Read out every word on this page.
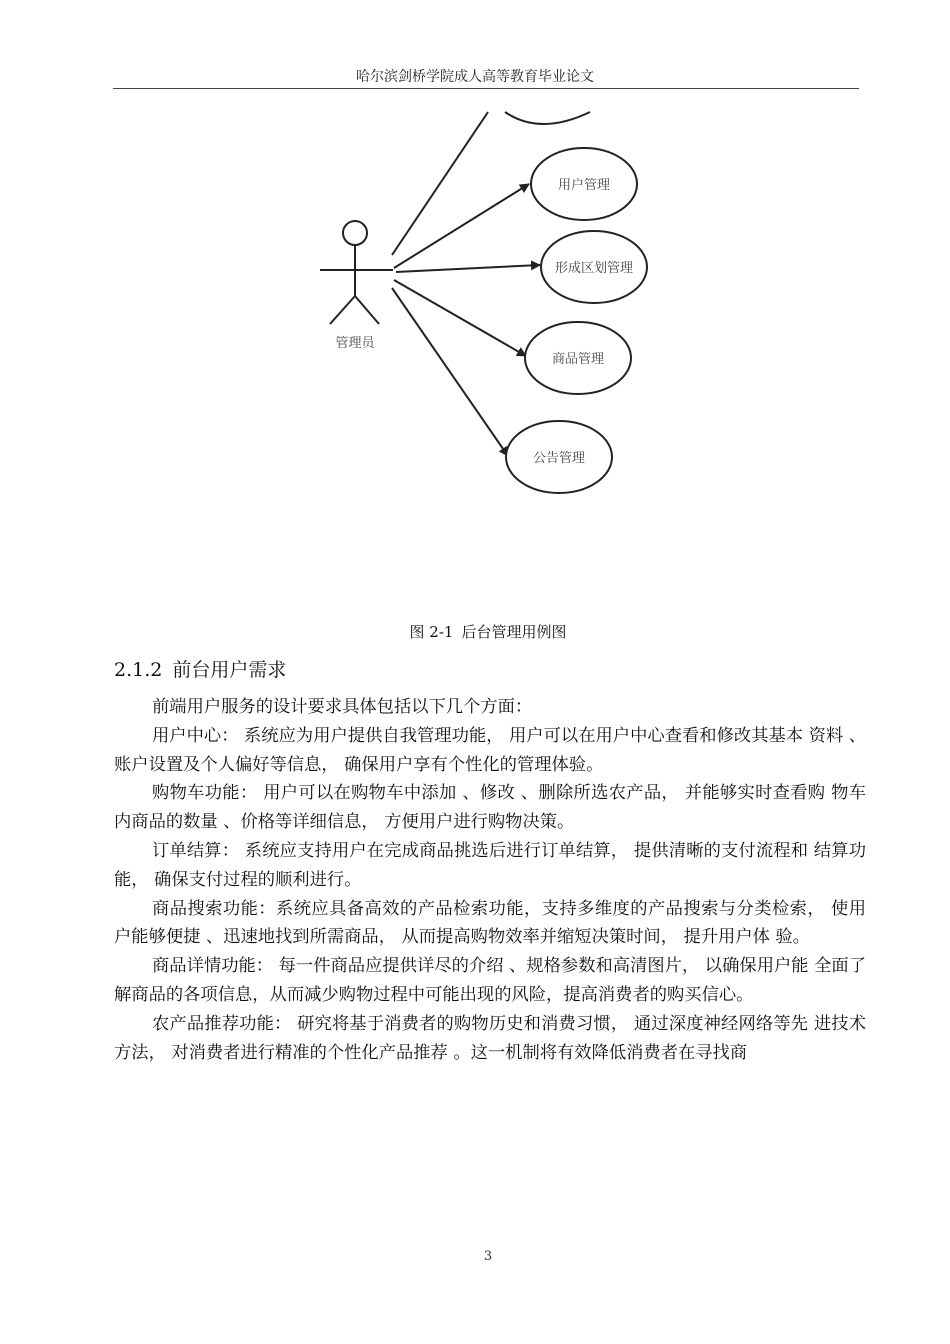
哈尔滨剑桥学院成人高等教育毕业论文
管理员
用户管理
形成区划管理
商品管理
公告管理
图 2-1 后台管理用例图
2.1.2 前台用户需求

前端用户服务的设计要求具体包括以下几个方面：

用户中心： 系统应为用户提供自我管理功能， 用户可以在用户中心查看和修改其基本 资料 、账户设置及个人偏好等信息， 确保用户享有个性化的管理体验。

购物车功能： 用户可以在购物车中添加 、修改 、删除所选农产品， 并能够实时查看购 物车内商品的数量 、价格等详细信息， 方便用户进行购物决策。

订单结算： 系统应支持用户在完成商品挑选后进行订单结算， 提供清晰的支付流程和 结算功能， 确保支付过程的顺利进行。

商品搜索功能：系统应具备高效的产品检索功能，支持多维度的产品搜索与分类检索， 使用户能够便捷 、迅速地找到所需商品， 从而提高购物效率并缩短决策时间， 提升用户体 验。

商品详情功能： 每一件商品应提供详尽的介绍 、规格参数和高清图片， 以确保用户能 全面了解商品的各项信息，从而减少购物过程中可能出现的风险，提高消费者的购买信心。

农产品推荐功能： 研究将基于消费者的购物历史和消费习惯， 通过深度神经网络等先 进技术方法， 对消费者进行精准的个性化产品推荐 。这一机制将有效降低消费者在寻找商

3
